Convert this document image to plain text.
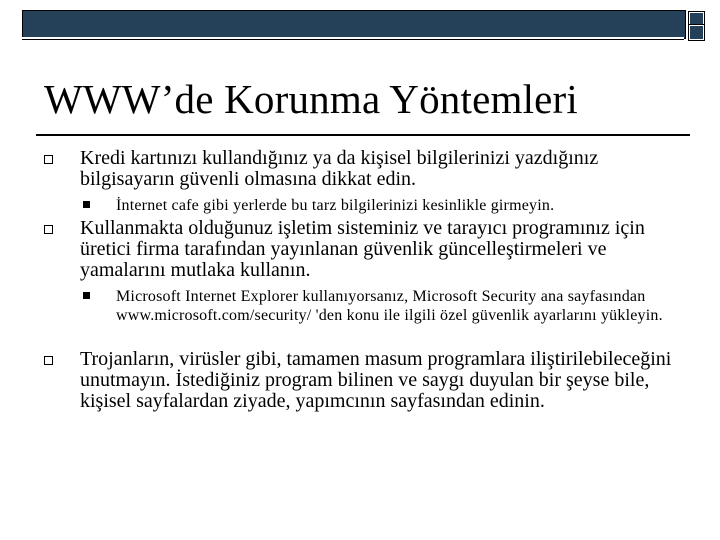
WWW’de Korunma Yöntemleri
Kredi kartınızı kullandığınız ya da kişisel bilgilerinizi yazdığınız bilgisayarın güvenli olmasına dikkat edin.
İnternet cafe gibi yerlerde bu tarz bilgilerinizi kesinlikle girmeyin.
Kullanmakta olduğunuz işletim sisteminiz ve tarayıcı programınız için üretici firma tarafından yayınlanan güvenlik güncelleştirmeleri ve yamalarını mutlaka kullanın.
Microsoft Internet Explorer kullanıyorsanız, Microsoft Security ana sayfasından www.microsoft.com/security/ 'den konu ile ilgili özel güvenlik ayarlarını yükleyin.
Trojanların, virüsler gibi, tamamen masum programlara iliştirilebileceğini unutmayın. İstediğiniz program bilinen ve saygı duyulan bir şeyse bile, kişisel sayfalardan ziyade, yapımcının sayfasından edinin.
